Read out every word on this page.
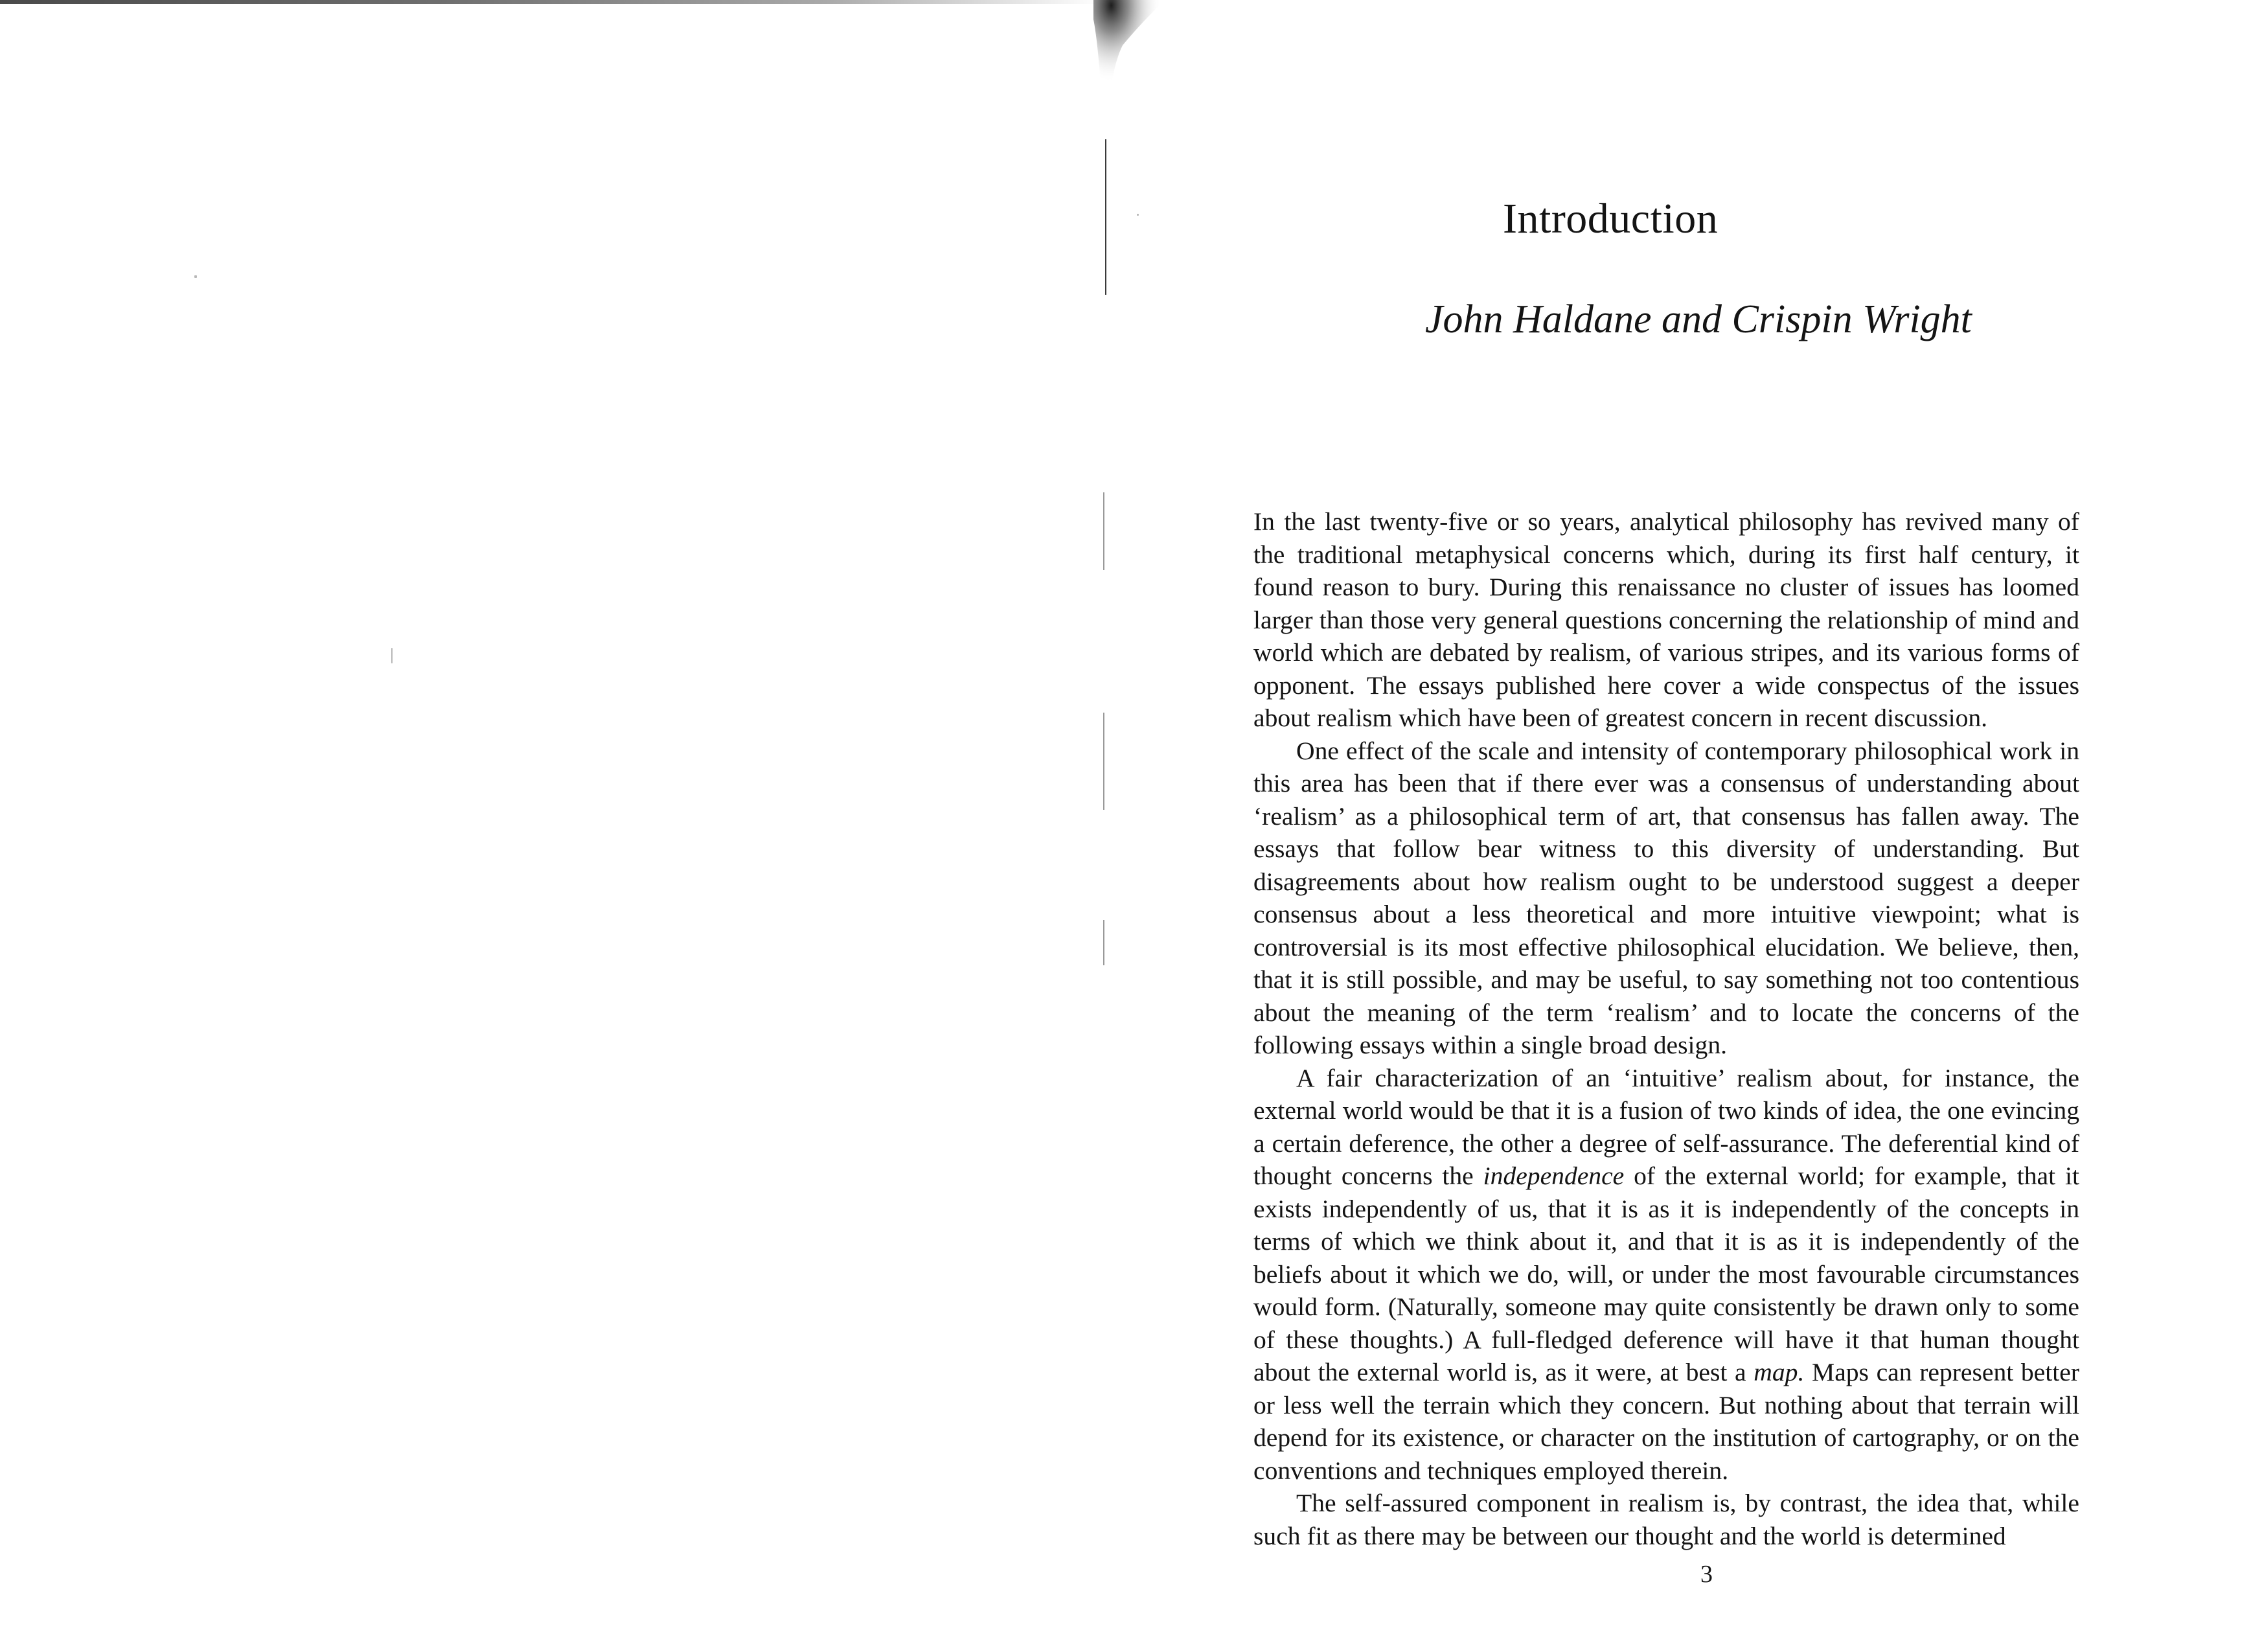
Introduction
John Haldane and Crispin Wright

In the last twenty-five or so years, analytical philosophy has revived many of the traditional metaphysical concerns which, during its first half century, it found reason to bury. During this renaissance no cluster of issues has loomed larger than those very general questions concerning the relationship of mind and world which are debated by realism, of various stripes, and its various forms of opponent. The essays published here cover a wide conspectus of the issues about realism which have been of greatest concern in recent discussion.

One effect of the scale and intensity of contemporary philosophical work in this area has been that if there ever was a consensus of understanding about ‘realism’ as a philosophical term of art, that consensus has fallen away. The essays that follow bear witness to this diversity of understanding. But disagreements about how realism ought to be understood suggest a deeper consensus about a less theoretical and more intuitive viewpoint; what is controversial is its most effective philosophical elucidation. We believe, then, that it is still possible, and may be useful, to say something not too contentious about the meaning of the term ‘realism’ and to locate the concerns of the following essays within a single broad design.

A fair characterization of an ‘intuitive’ realism about, for instance, the external world would be that it is a fusion of two kinds of idea, the one evincing a certain deference, the other a degree of self-assurance. The deferential kind of thought concerns the independence of the external world; for example, that it exists independently of us, that it is as it is independently of the concepts in terms of which we think about it, and that it is as it is independently of the beliefs about it which we do, will, or under the most favourable circumstances would form. (Naturally, someone may quite consistently be drawn only to some of these thoughts.) A full-fledged deference will have it that human thought about the external world is, as it were, at best a map. Maps can represent better or less well the terrain which they concern. But nothing about that terrain will depend for its existence, or character on the institution of cartography, or on the conventions and techniques employed therein.

The self-assured component in realism is, by contrast, the idea that, while such fit as there may be between our thought and the world is determined

3
